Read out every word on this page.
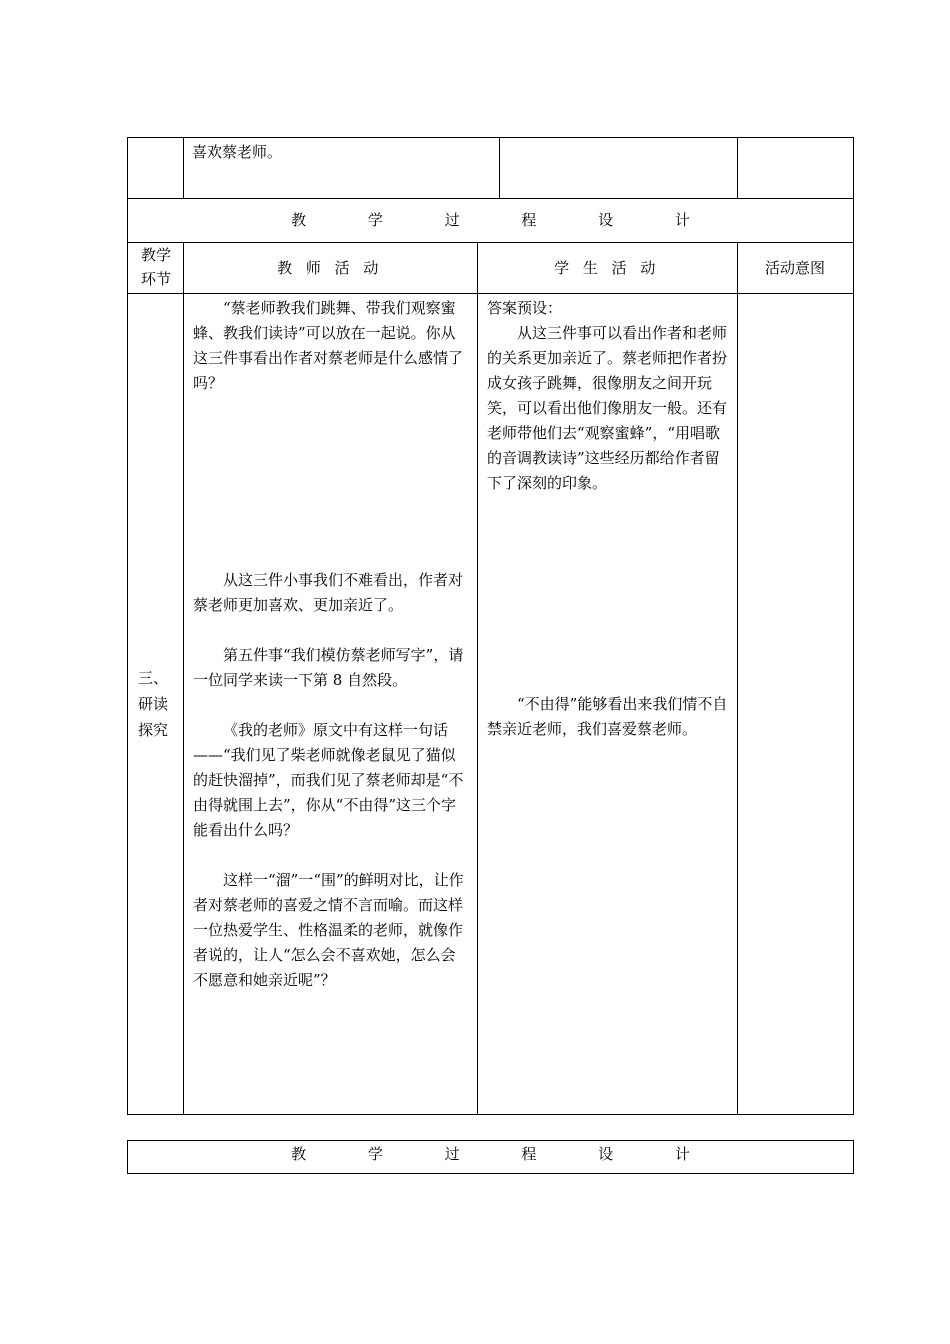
喜欢蔡老师。
教 学 过 程 设 计
教学环节
教 师 活 动	学 生 活 动	活动意图
三、研读探究
“蔡老师教我们跳舞、带我们观察蜜蜂、教我们读诗”可以放在一起说。你从这三件事看出作者对蔡老师是什么感情了吗？
从这三件小事我们不难看出，作者对蔡老师更加喜欢、更加亲近了。
第五件事“我们模仿蔡老师写字”，请一位同学来读一下第 8 自然段。
《我的老师》原文中有这样一句话——“我们见了柴老师就像老鼠见了猫似的赶快溜掉”，而我们见了蔡老师却是“不由得就围上去”，你从“不由得”这三个字能看出什么吗？
这样一“溜”一“围”的鲜明对比，让作者对蔡老师的喜爱之情不言而喻。而这样一位热爱学生、性格温柔的老师，就像作者说的，让人“怎么会不喜欢她，怎么会不愿意和她亲近呢”？
答案预设：
从这三件事可以看出作者和老师的关系更加亲近了。蔡老师把作者扮成女孩子跳舞，很像朋友之间开玩笑，可以看出他们像朋友一般。还有老师带他们去“观察蜜蜂”，“用唱歌的音调教读诗”这些经历都给作者留下了深刻的印象。
“不由得”能够看出来我们情不自禁亲近老师，我们喜爱蔡老师。
教 学 过 程 设 计
